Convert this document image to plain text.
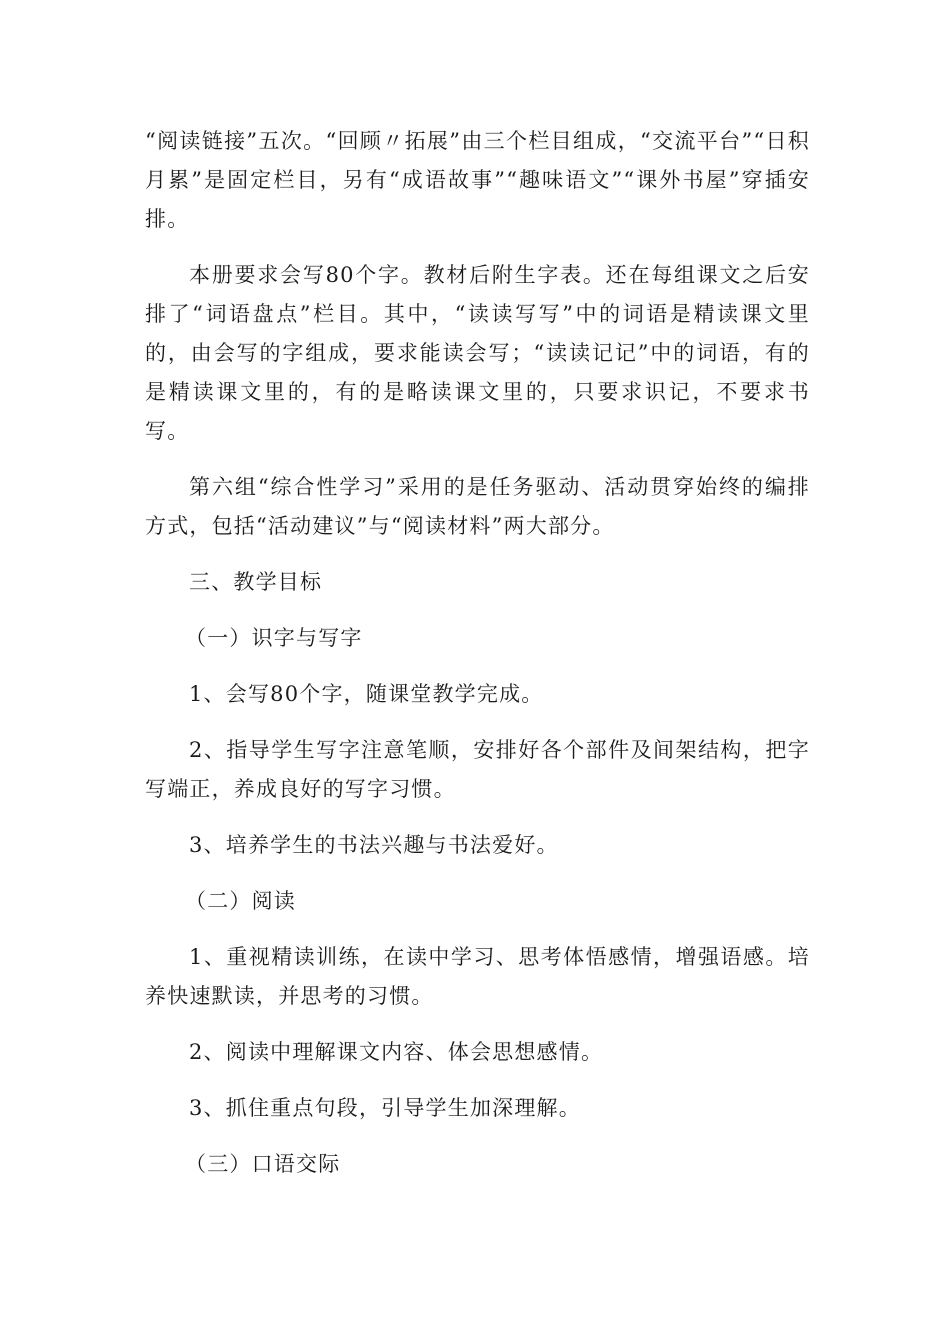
“阅读链接”五次。“回顾〃拓展”由三个栏目组成，“交流平台”“日积月累”是固定栏目，另有“成语故事”“趣味语文”“课外书屋”穿插安排。

本册要求会写80个字。教材后附生字表。还在每组课文之后安排了“词语盘点”栏目。其中，“读读写写”中的词语是精读课文里的，由会写的字组成，要求能读会写；“读读记记”中的词语，有的是精读课文里的，有的是略读课文里的，只要求识记，不要求书写。

第六组“综合性学习”采用的是任务驱动、活动贯穿始终的编排方式，包括“活动建议”与“阅读材料”两大部分。

三、教学目标

（一）识字与写字

1、会写80个字，随课堂教学完成。

2、指导学生写字注意笔顺，安排好各个部件及间架结构，把字写端正，养成良好的写字习惯。

3、培养学生的书法兴趣与书法爱好。

（二）阅读

1、重视精读训练，在读中学习、思考体悟感情，增强语感。培养快速默读，并思考的习惯。

2、阅读中理解课文内容、体会思想感情。

3、抓住重点句段，引导学生加深理解。

（三）口语交际
